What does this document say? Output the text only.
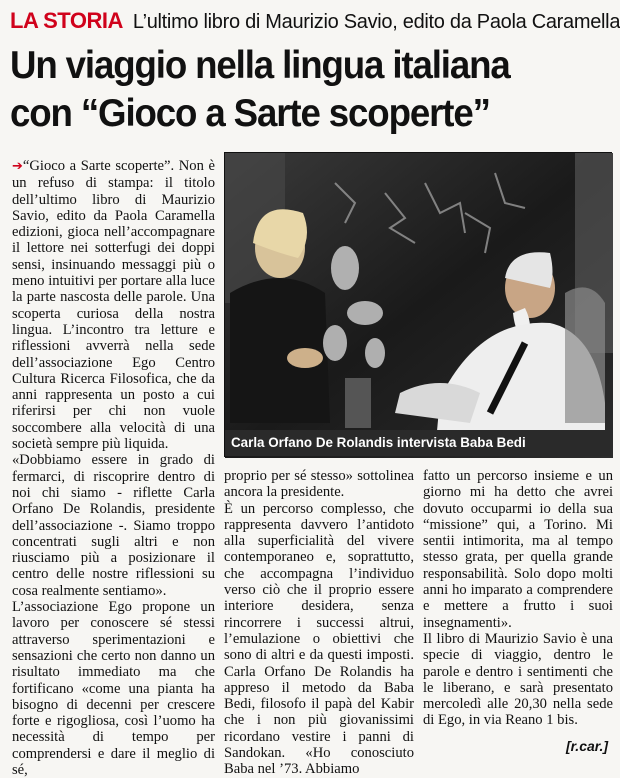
LA STORIA L’ultimo libro di Maurizio Savio, edito da Paola Caramella
Un viaggio nella lingua italiana
con “Gioco a Sarte scoperte”

➔“Gioco a Sarte scoperte”. Non è un refuso di stampa: il titolo dell’ultimo libro di Maurizio Savio, edito da Paola Caramella edizioni, gioca nell’accompagnare il lettore nei sotterfugi dei doppi sensi, insinuando messaggi più o meno intuitivi per portare alla luce la parte nascosta delle parole. Una scoperta curiosa della nostra lingua. L’incontro tra letture e riflessioni avverrà nella sede dell’associazione Ego Centro Cultura Ricerca Filosofica, che da anni rappresenta un posto a cui riferirsi per chi non vuole soccombere alla velocità di una società sempre più liquida.

«Dobbiamo essere in grado di fermarci, di riscoprire dentro di noi chi siamo - riflette Carla Orfano De Rolandis, presidente dell’associazione -. Siamo troppo concentrati sugli altri e non riusciamo più a posizionare il centro delle nostre riflessioni su cosa realmente sentiamo».

L’associazione Ego propone un lavoro per conoscere sé stessi attraverso sperimentazioni e sensazioni che certo non danno un risultato immediato ma che fortificano «come una pianta ha bisogno di decenni per crescere forte e rigogliosa, così l’uomo ha necessità di tempo per comprendersi e dare il meglio di sé,

Carla Orfano De Rolandis intervista Baba Bedi

proprio per sé stesso» sottolinea ancora la presidente.

È un percorso complesso, che rappresenta davvero l’antidoto alla superficialità del vivere contemporaneo e, soprattutto, che accompagna l’individuo verso ciò che il proprio essere interiore desidera, senza rincorrere i successi altrui, l’emulazione o obiettivi che sono di altri e da questi imposti. Carla Orfano De Rolandis ha appreso il metodo da Baba Bedi, filosofo il papà del Kabir che i non più giovanissimi ricordano vestire i panni di Sandokan. «Ho conosciuto Baba nel ’73. Abbiamo

fatto un percorso insieme e un giorno mi ha detto che avrei dovuto occuparmi io della sua “missione” qui, a Torino. Mi sentii intimorita, ma al tempo stesso grata, per quella grande responsabilità. Solo dopo molti anni ho imparato a comprendere e mettere a frutto i suoi insegnamenti».

Il libro di Maurizio Savio è una specie di viaggio, dentro le parole e dentro i sentimenti che le liberano, e sarà presentato mercoledì alle 20,30 nella sede di Ego, in via Reano 1 bis.

[r.car.]
